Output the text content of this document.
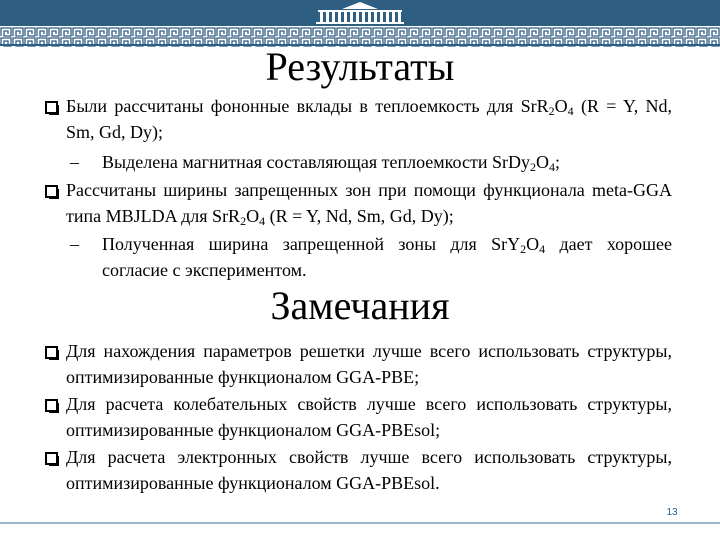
Результаты
Были рассчитаны фононные вклады в теплоемкость для $SrR_2O_4$ (R = Y, Nd, Sm, Gd, Dy);
– Выделена магнитная составляющая теплоемкости $SrDy_2O_4$;
Рассчитаны ширины запрещенных зон при помощи функционала meta-GGA типа MBJLDA для $SrR_2O_4$ (R = Y, Nd, Sm, Gd, Dy);
– Полученная ширина запрещенной зоны для $SrY_2O_4$ дает хорошее согласие с экспериментом.
Замечания
Для нахождения параметров решетки лучше всего использовать структуры, оптимизированные функционалом GGA-PBE;
Для расчета колебательных свойств лучше всего использовать структуры, оптимизированные функционалом GGA-PBEsol;
Для расчета электронных свойств лучше всего использовать структуры, оптимизированные функционалом GGA-PBEsol.
13
